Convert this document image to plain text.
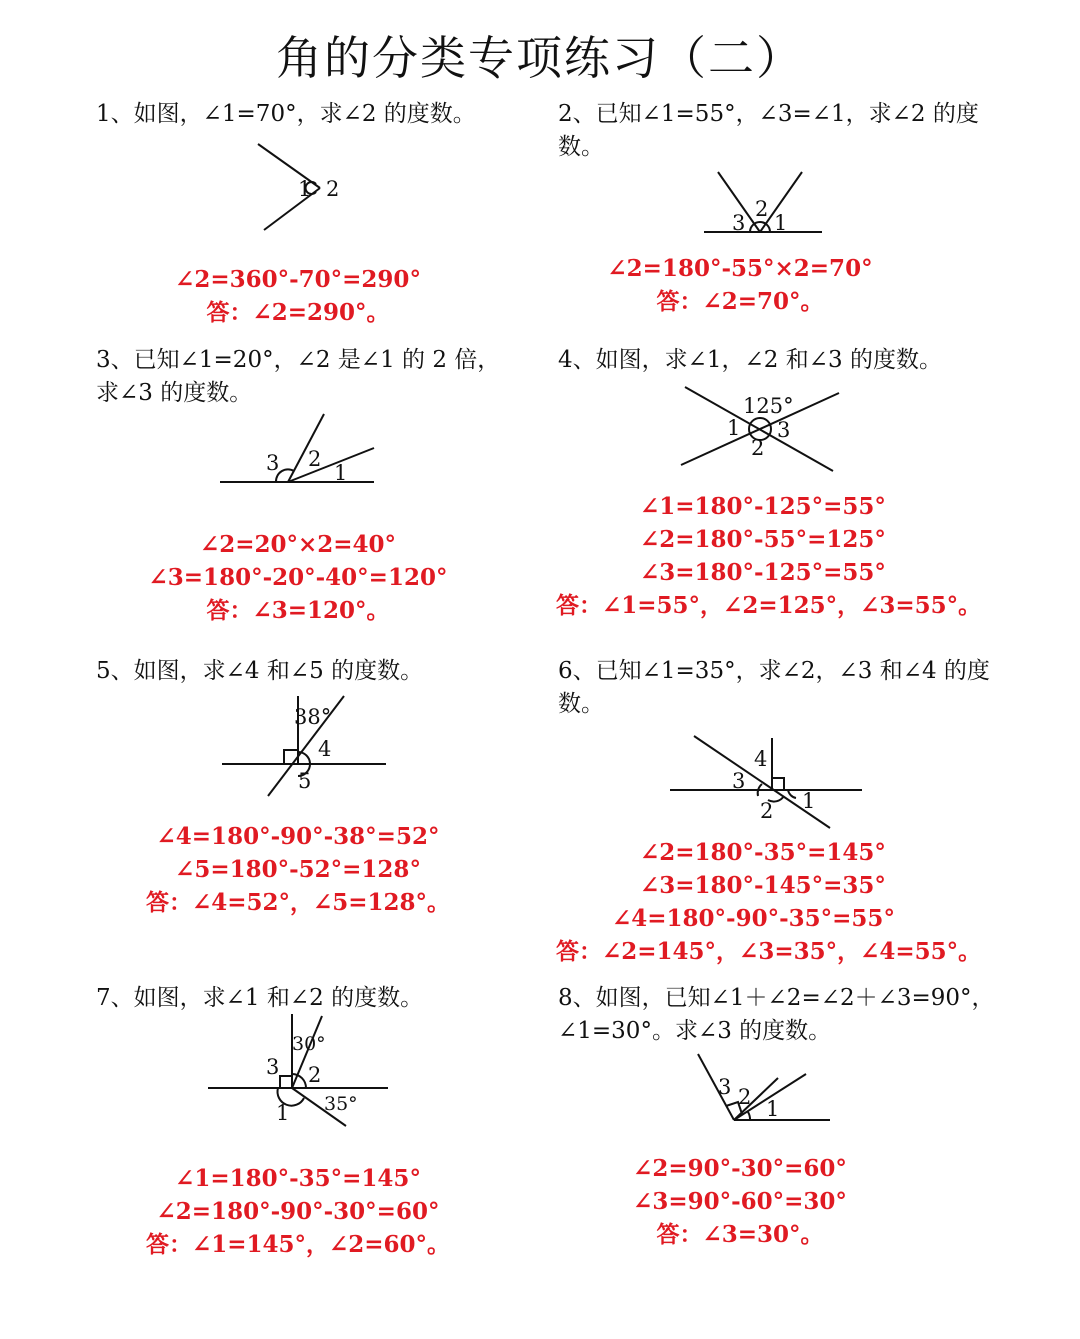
角的分类专项练习（二）
1、如图，∠1=70°，求∠2 的度数。
1 2
∠2=360°-70°=290°
答：∠2=290°。
2、已知∠1=55°，∠3=∠1，求∠2 的度数。
3
2
1
∠2=180°-55°×2=70°
答：∠2=70°。
3、已知∠1=20°，∠2 是∠1 的 2 倍，求∠3 的度数。
3 2
1
∠2=20°×2=40°
∠3=180°-20°-40°=120°
答：∠3=120°。
4、如图，求∠1，∠2 和∠3 的度数。
125°
1 3
2
∠1=180°-125°=55°
∠2=180°-55°=125°
∠3=180°-125°=55°
答：∠1=55°，∠2=125°，∠3=55°。
5、如图，求∠4 和∠5 的度数。
38°
4
5
∠4=180°-90°-38°=52°
∠5=180°-52°=128°
答：∠4=52°，∠5=128°。
6、已知∠1=35°，求∠2，∠3 和∠4 的度数。
4
3
2 1
∠2=180°-35°=145°
∠3=180°-145°=35°
∠4=180°-90°-35°=55°
答：∠2=145°，∠3=35°，∠4=55°。
7、如图，求∠1 和∠2 的度数。
30°
3 2
35°
1
∠1=180°-35°=145°
∠2=180°-90°-30°=60°
答：∠1=145°，∠2=60°。
8、如图，已知∠1＋∠2=∠2＋∠3=90°，∠1=30°。求∠3 的度数。
3 2 1
∠2=90°-30°=60°
∠3=90°-60°=30°
答：∠3=30°。
